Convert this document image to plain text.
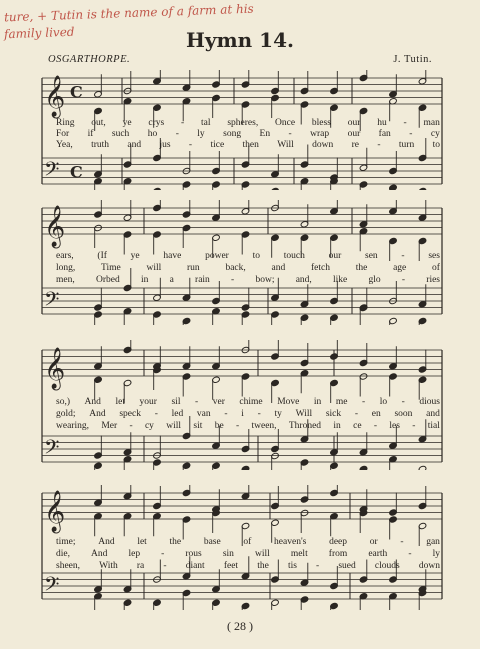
ture, + Tutin is the name of a farm at his
family lived	Hymn 14.
OSGARTHORPE.	J. Tutin.
𝄞
𝄢
C
C
𝄞
𝄢
𝄞
𝄢
𝄞
𝄢
Ring out, ye crys - tal spheres, Once bless our hu - man
For if such ho - ly song En - wrap our fan - cy
Yea, truth and jus - tice then Will down re - turn to
ears,	(If	ye	have	power	to	touch	our	sen	-	ses
long,	Time	will	run	back,	and	fetch	the	age	of
men, Orbed in a rain - bow; and, like glo - ries
so,) And let your sil - ver chime Move in me - lo - dious
gold; And speck - led van - i - ty Will sick - en soon and
wearing, Mer - cy will sit be - tween, Throned in ce - les - tial
time; And let the base of heaven's deep or - gan
die, And lep - rous sin will melt from earth - ly
sheen, With ra - diant feet the tis - sued clouds down
( 28 )
